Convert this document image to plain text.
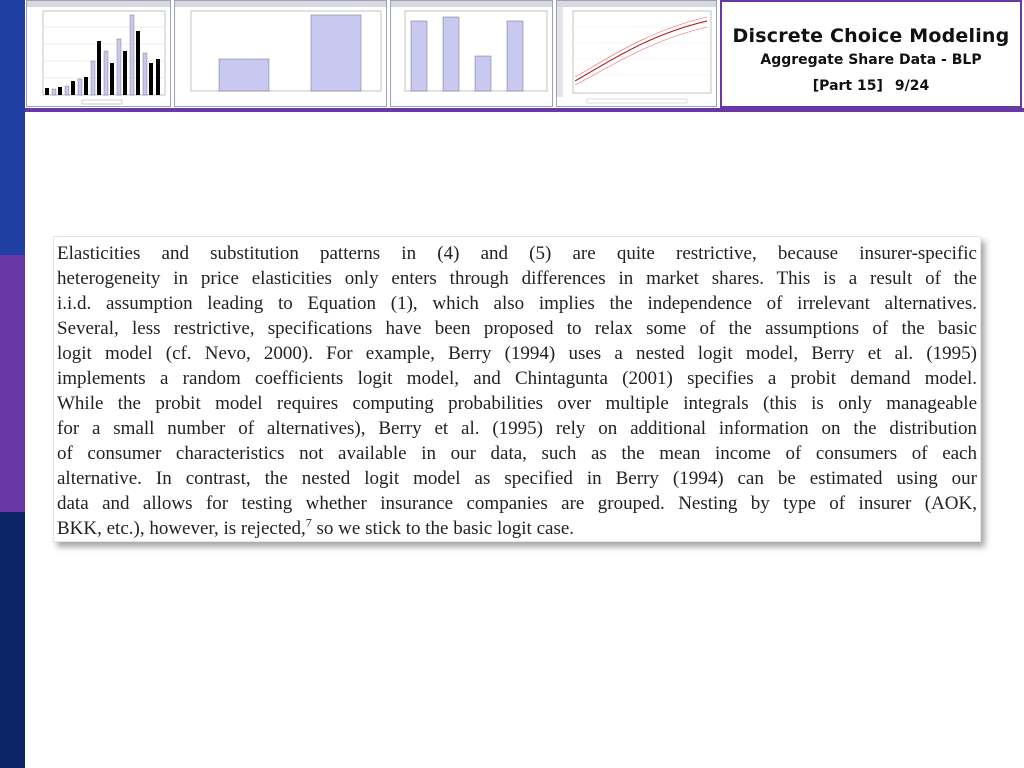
Discrete Choice Modeling
Aggregate Share Data - BLP
[Part 15] 9/24

Elasticities and substitution patterns in (4) and (5) are quite restrictive, because insurer-specific
heterogeneity in price elasticities only enters through differences in market shares. This is a result of the
i.i.d. assumption leading to Equation (1), which also implies the independence of irrelevant alternatives.
Several, less restrictive, specifications have been proposed to relax some of the assumptions of the basic
logit model (cf. Nevo, 2000). For example, Berry (1994) uses a nested logit model, Berry et al. (1995)
implements a random coefficients logit model, and Chintagunta (2001) specifies a probit demand model.
While the probit model requires computing probabilities over multiple integrals (this is only manageable
for a small number of alternatives), Berry et al. (1995) rely on additional information on the distribution
of consumer characteristics not available in our data, such as the mean income of consumers of each
alternative. In contrast, the nested logit model as specified in Berry (1994) can be estimated using our
data and allows for testing whether insurance companies are grouped. Nesting by type of insurer (AOK,
BKK, etc.), however, is rejected,$^7$ so we stick to the basic logit case.
